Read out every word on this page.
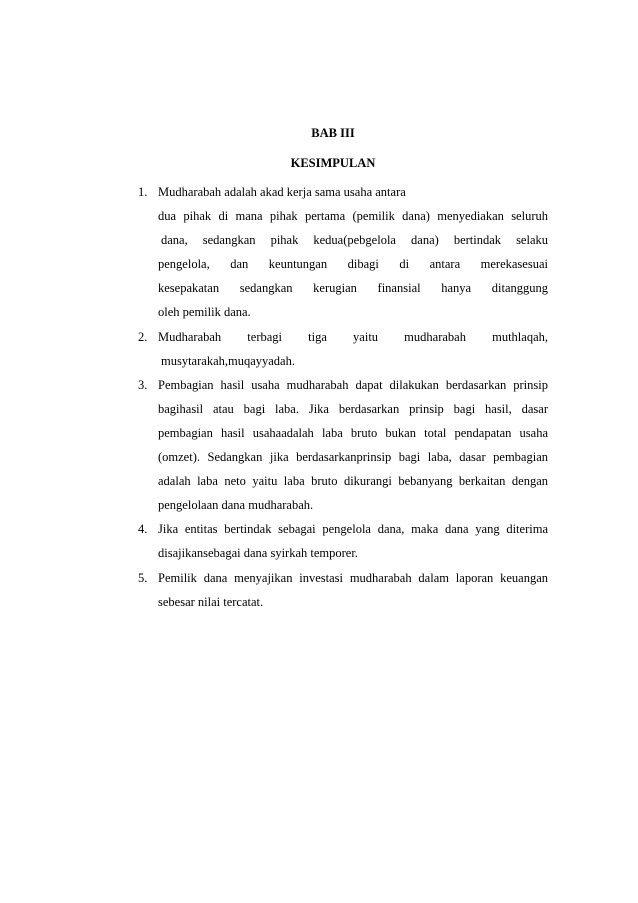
BAB III
KESIMPULAN
1. Mudharabah adalah akad kerja sama usaha antara
dua pihak di mana pihak pertama (pemilik dana) menyediakan seluruh
dana, sedangkan pihak kedua(pebgelola dana) bertindak selaku
pengelola, dan keuntungan dibagi di antara merekasesuai
kesepakatan sedangkan kerugian finansial hanya ditanggung
oleh pemilik dana.
2. Mudharabah terbagi tiga yaitu mudharabah muthlaqah,
musytarakah,muqayyadah.
3. Pembagian hasil usaha mudharabah dapat dilakukan berdasarkan prinsip
bagihasil atau bagi laba. Jika berdasarkan prinsip bagi hasil, dasar
pembagian hasil usahaadalah laba bruto bukan total pendapatan usaha
(omzet). Sedangkan jika berdasarkanprinsip bagi laba, dasar pembagian
adalah laba neto yaitu laba bruto dikurangi bebanyang berkaitan dengan
pengelolaan dana mudharabah.
4. Jika entitas bertindak sebagai pengelola dana, maka dana yang diterima
disajikansebagai dana syirkah temporer.
5. Pemilik dana menyajikan investasi mudharabah dalam laporan keuangan
sebesar nilai tercatat.
